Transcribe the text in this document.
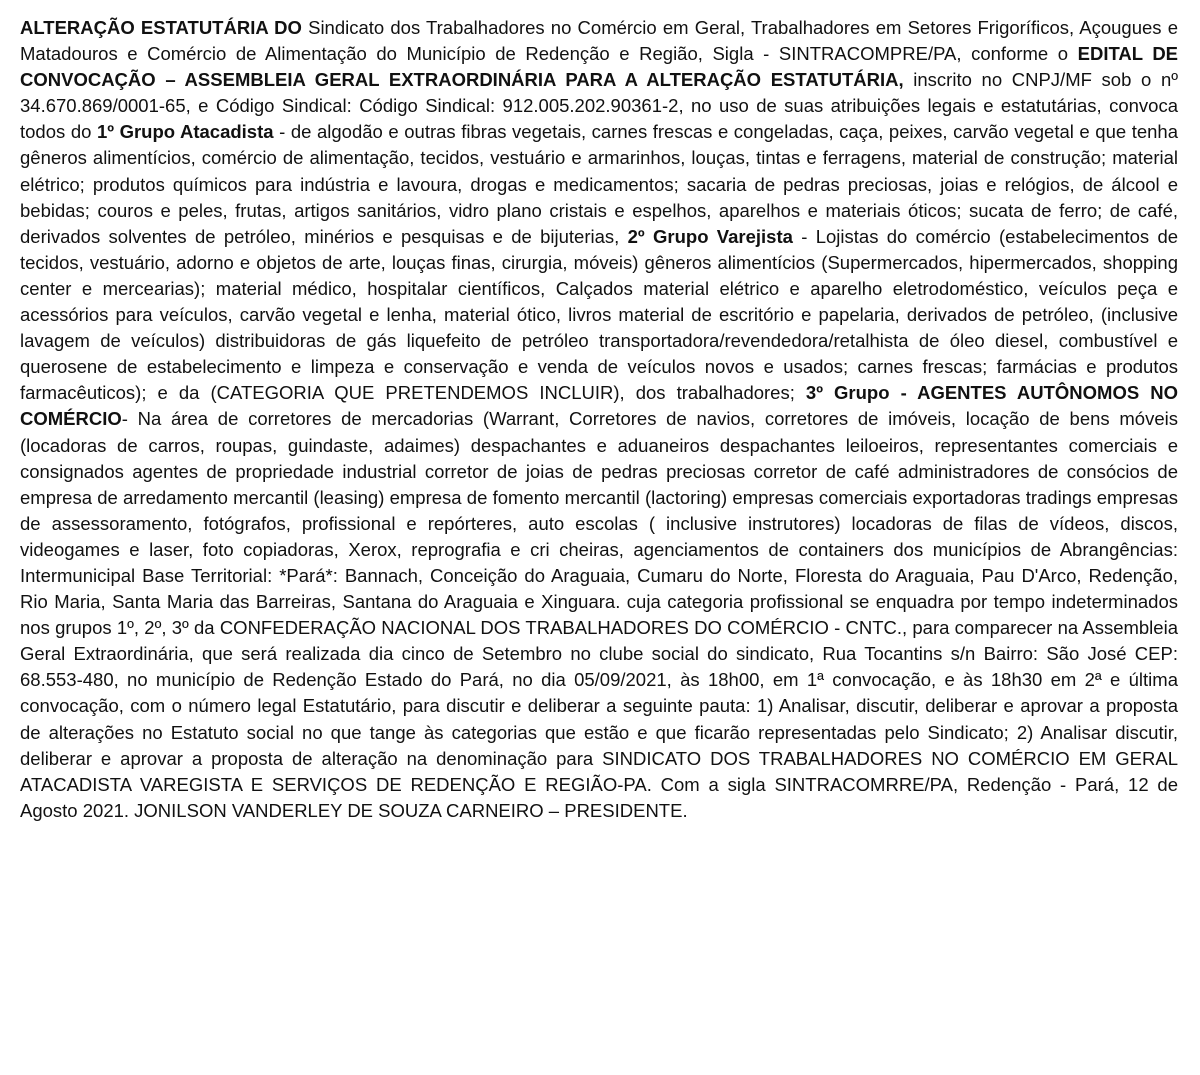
ALTERAÇÃO ESTATUTÁRIA DO Sindicato dos Trabalhadores no Comércio em Geral, Trabalhadores em Setores Frigoríficos, Açougues e Matadouros e Comércio de Alimentação do Município de Redenção e Região, Sigla - SINTRACOMPRE/PA, conforme o EDITAL DE CONVOCAÇÃO – ASSEMBLEIA GERAL EXTRAORDINÁRIA PARA A ALTERAÇÃO ESTATUTÁRIA, inscrito no CNPJ/MF sob o nº 34.670.869/0001-65, e Código Sindical: Código Sindical: 912.005.202.90361-2, no uso de suas atribuições legais e estatutárias, convoca todos do 1º Grupo Atacadista - de algodão e outras fibras vegetais, carnes frescas e congeladas, caça, peixes, carvão vegetal e que tenha gêneros alimentícios, comércio de alimentação, tecidos, vestuário e armarinhos, louças, tintas e ferragens, material de construção; material elétrico; produtos químicos para indústria e lavoura, drogas e medicamentos; sacaria de pedras preciosas, joias e relógios, de álcool e bebidas; couros e peles, frutas, artigos sanitários, vidro plano cristais e espelhos, aparelhos e materiais óticos; sucata de ferro; de café, derivados solventes de petróleo, minérios e pesquisas e de bijuterias, 2º Grupo Varejista - Lojistas do comércio (estabelecimentos de tecidos, vestuário, adorno e objetos de arte, louças finas, cirurgia, móveis) gêneros alimentícios (Supermercados, hipermercados, shopping center e mercearias); material médico, hospitalar científicos, Calçados material elétrico e aparelho eletrodoméstico, veículos peça e acessórios para veículos, carvão vegetal e lenha, material ótico, livros material de escritório e papelaria, derivados de petróleo, (inclusive lavagem de veículos) distribuidoras de gás liquefeito de petróleo transportadora/revendedora/retalhista de óleo diesel, combustível e querosene de estabelecimento e limpeza e conservação e venda de veículos novos e usados; carnes frescas; farmácias e produtos farmacêuticos); e da (CATEGORIA QUE PRETENDEMOS INCLUIR), dos trabalhadores; 3º Grupo - AGENTES AUTÔNOMOS NO COMÉRCIO- Na área de corretores de mercadorias (Warrant, Corretores de navios, corretores de imóveis, locação de bens móveis (locadoras de carros, roupas, guindaste, adaimes) despachantes e aduaneiros despachantes leiloeiros, representantes comerciais e consignados agentes de propriedade industrial corretor de joias de pedras preciosas corretor de café administradores de consócios de empresa de arredamento mercantil (leasing) empresa de fomento mercantil (lactoring) empresas comerciais exportadoras tradings empresas de assessoramento, fotógrafos, profissional e repórteres, auto escolas ( inclusive instrutores) locadoras de filas de vídeos, discos, videogames e laser, foto copiadoras, Xerox, reprografia e cri cheiras, agenciamentos de containers dos municípios de Abrangências: Intermunicipal Base Territorial: *Pará*: Bannach, Conceição do Araguaia, Cumaru do Norte, Floresta do Araguaia, Pau D'Arco, Redenção, Rio Maria, Santa Maria das Barreiras, Santana do Araguaia e Xinguara. cuja categoria profissional se enquadra por tempo indeterminados nos grupos 1º, 2º, 3º da CONFEDERAÇÃO NACIONAL DOS TRABALHADORES DO COMÉRCIO - CNTC., para comparecer na Assembleia Geral Extraordinária, que será realizada dia cinco de Setembro no clube social do sindicato, Rua Tocantins s/n Bairro: São José CEP: 68.553-480, no município de Redenção Estado do Pará, no dia 05/09/2021, às 18h00, em 1ª convocação, e às 18h30 em 2ª e última convocação, com o número legal Estatutário, para discutir e deliberar a seguinte pauta: 1) Analisar, discutir, deliberar e aprovar a proposta de alterações no Estatuto social no que tange às categorias que estão e que ficarão representadas pelo Sindicato; 2) Analisar discutir, deliberar e aprovar a proposta de alteração na denominação para SINDICATO DOS TRABALHADORES NO COMÉRCIO EM GERAL ATACADISTA VAREGISTA E SERVIÇOS DE REDENÇÃO E REGIÃO-PA. Com a sigla SINTRACOMRRE/PA, Redenção - Pará, 12 de Agosto 2021. JONILSON VANDERLEY DE SOUZA CARNEIRO – PRESIDENTE.
